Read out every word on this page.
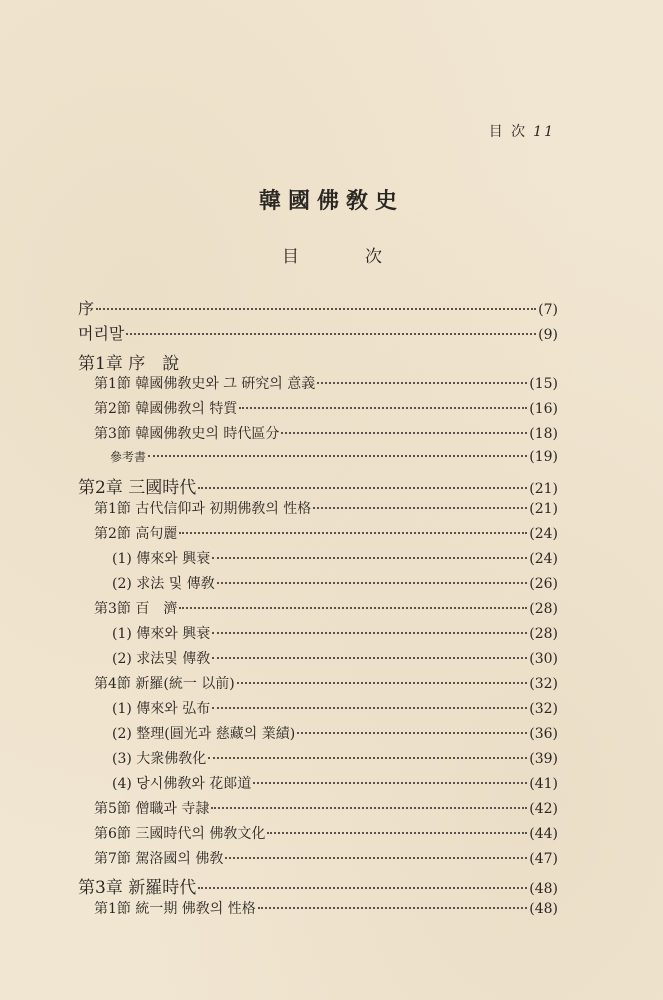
目 次 11
韓國佛敎史
目	次
序	(7)
머리말	(9)
第1章 序　說
第1節 韓國佛敎史와 그 硏究의 意義	(15)
第2節 韓國佛敎의 特質	(16)
第3節 韓國佛敎史의 時代區分	(18)
參考書	(19)
第2章 三國時代	(21)
第1節 古代信仰과 初期佛敎의 性格	(21)
第2節 高句麗	(24)
(1) 傳來와 興衰	(24)
(2) 求法 및 傳敎	(26)
第3節 百　濟	(28)
(1) 傳來와 興衰	(28)
(2) 求法및 傳敎	(30)
第4節 新羅(統一 以前)	(32)
(1) 傳來와 弘布	(32)
(2) 整理(圓光과 慈藏의 業績)	(36)
(3) 大衆佛敎化	(39)
(4) 당시佛敎와 花郞道	(41)
第5節 僧職과 寺隷	(42)
第6節 三國時代의 佛敎文化	(44)
第7節 駕洛國의 佛敎	(47)
第3章 新羅時代	(48)
第1節 統一期 佛敎의 性格	(48)
